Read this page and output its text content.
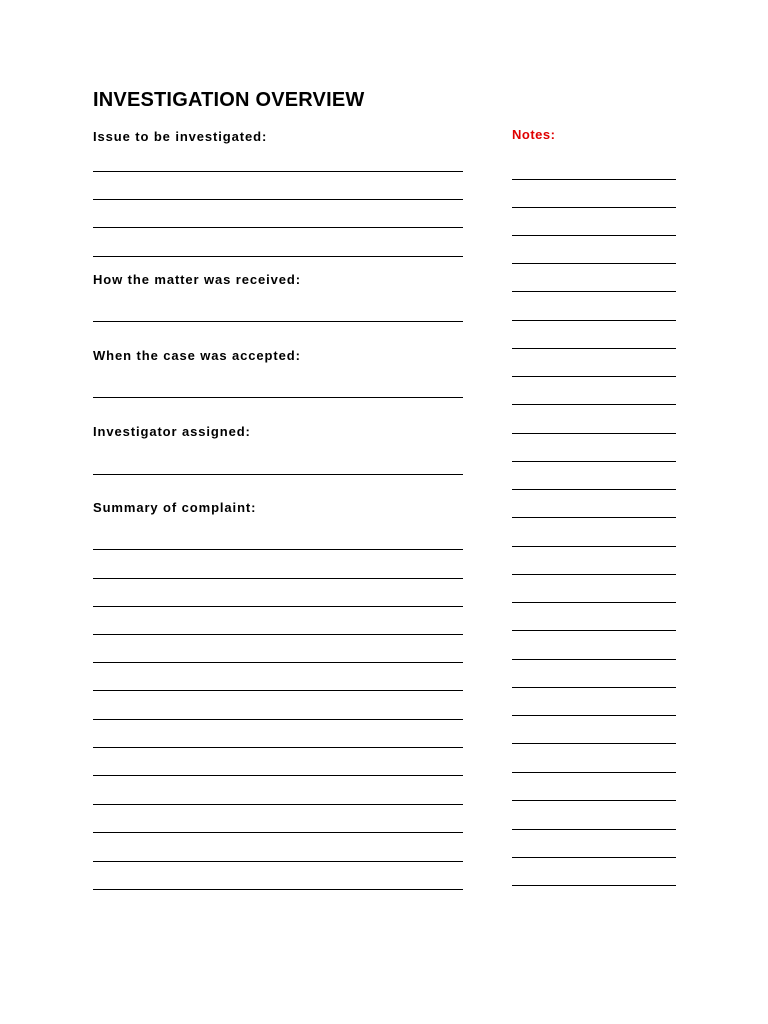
INVESTIGATION OVERVIEW
Issue to be investigated:
How the matter was received:
When the case was accepted:
Investigator assigned:
Summary of complaint:
Notes:
